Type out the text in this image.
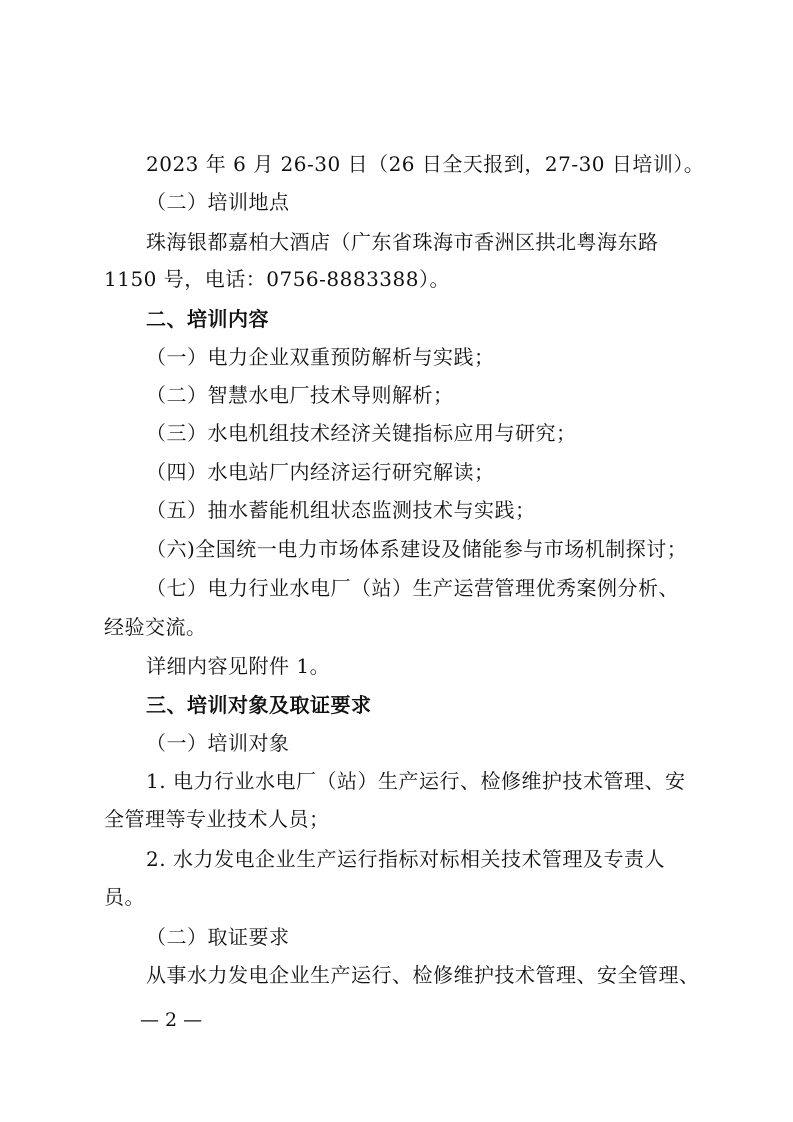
2023 年 6 月 26-30 日（26 日全天报到，27-30 日培训）。

（二）培训地点

珠海银都嘉柏大酒店（广东省珠海市香洲区拱北粤海东路

1150 号，电话：0756-8883388）。

二、培训内容

（一）电力企业双重预防解析与实践；

（二）智慧水电厂技术导则解析；

（三）水电机组技术经济关键指标应用与研究；

（四）水电站厂内经济运行研究解读；

（五）抽水蓄能机组状态监测技术与实践；

（六)全国统一电力市场体系建设及储能参与市场机制探讨；

（七）电力行业水电厂（站）生产运营管理优秀案例分析、

经验交流。

详细内容见附件 1。

三、培训对象及取证要求

（一）培训对象

1. 电力行业水电厂（站）生产运行、检修维护技术管理、安

全管理等专业技术人员；

2. 水力发电企业生产运行指标对标相关技术管理及专责人

员。

（二）取证要求

从事水力发电企业生产运行、检修维护技术管理、安全管理、

— 2 —
